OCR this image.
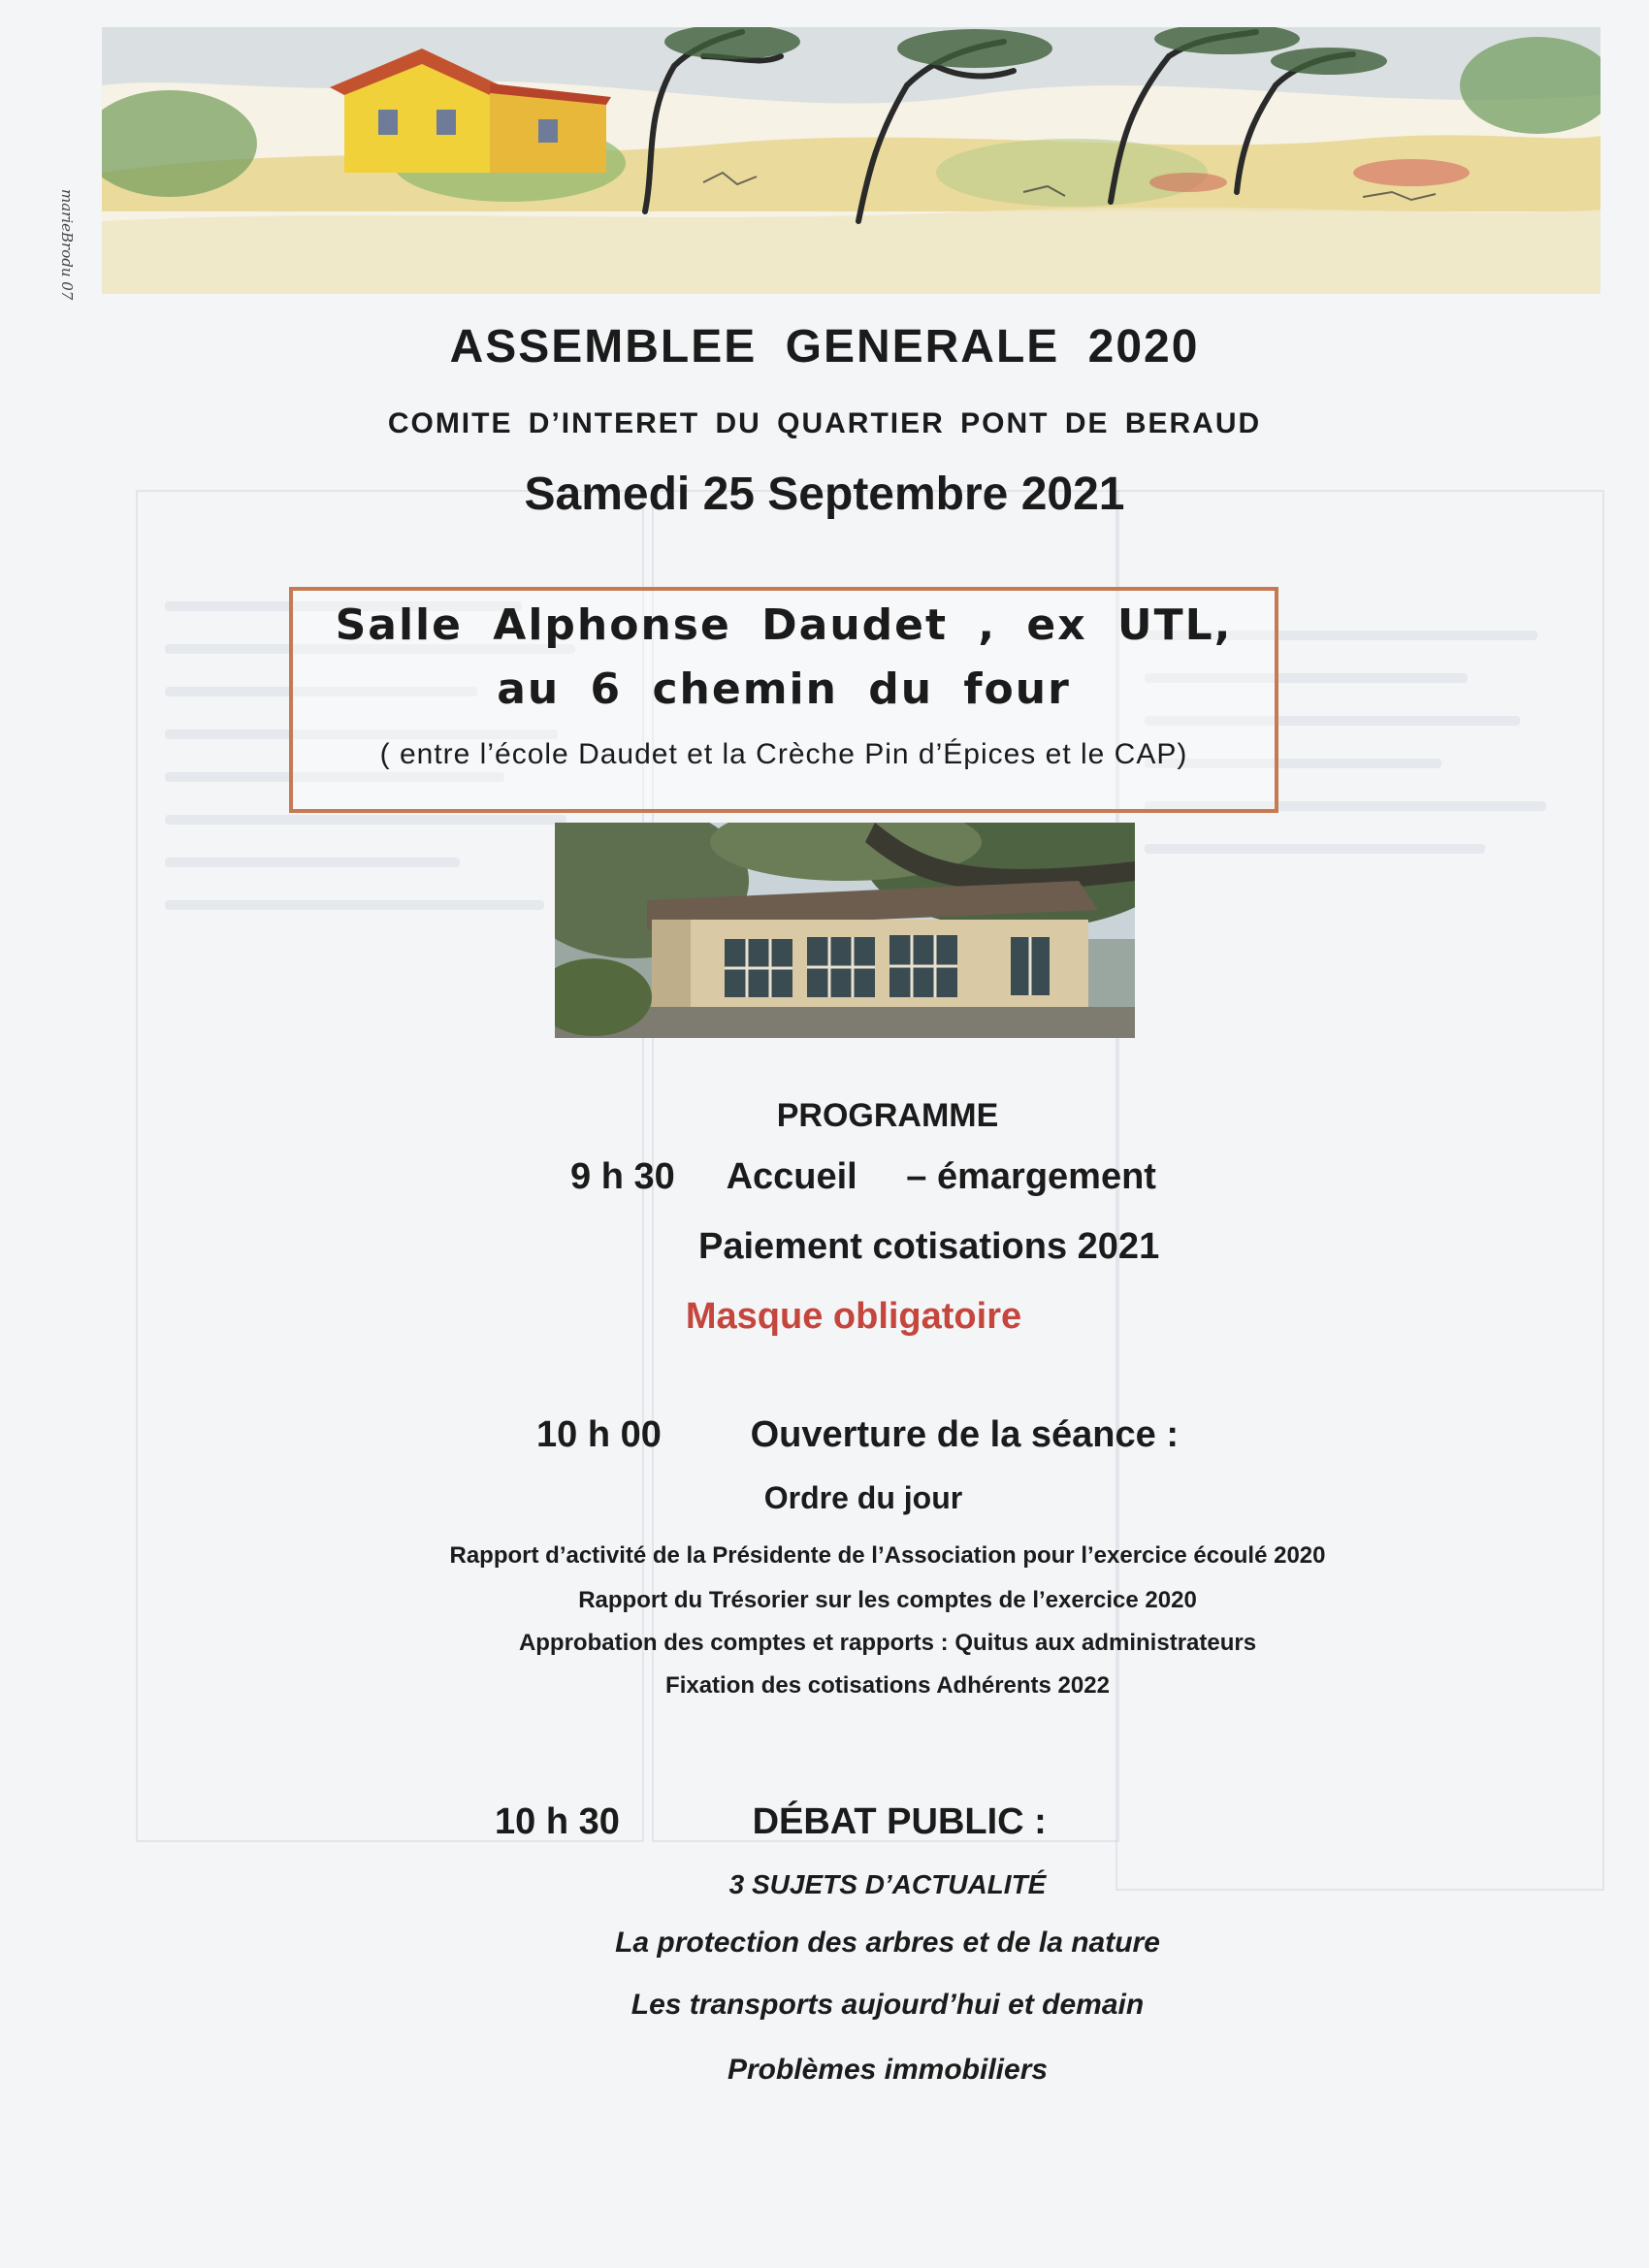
marieBrodu 07
ASSEMBLEE GENERALE 2020
COMITE D’INTERET DU QUARTIER PONT DE BERAUD
Samedi 25 Septembre 2021
Salle Alphonse Daudet , ex UTL,
au 6 chemin du four
( entre l’école Daudet et la Crèche Pin d’Épices et le CAP)
PROGRAMME
9 h 30 Accueil – émargement
Paiement cotisations 2021
Masque obligatoire
10 h 00 Ouverture de la séance :
Ordre du jour
Rapport d’activité de la Présidente de l’Association pour l’exercice écoulé 2020
Rapport du Trésorier sur les comptes de l’exercice 2020
Approbation des comptes et rapports : Quitus aux administrateurs
Fixation des cotisations Adhérents 2022
10 h 30	DÉBAT PUBLIC :
3 SUJETS D’ACTUALITÉ
La protection des arbres et de la nature
Les transports aujourd’hui et demain
Problèmes immobiliers
